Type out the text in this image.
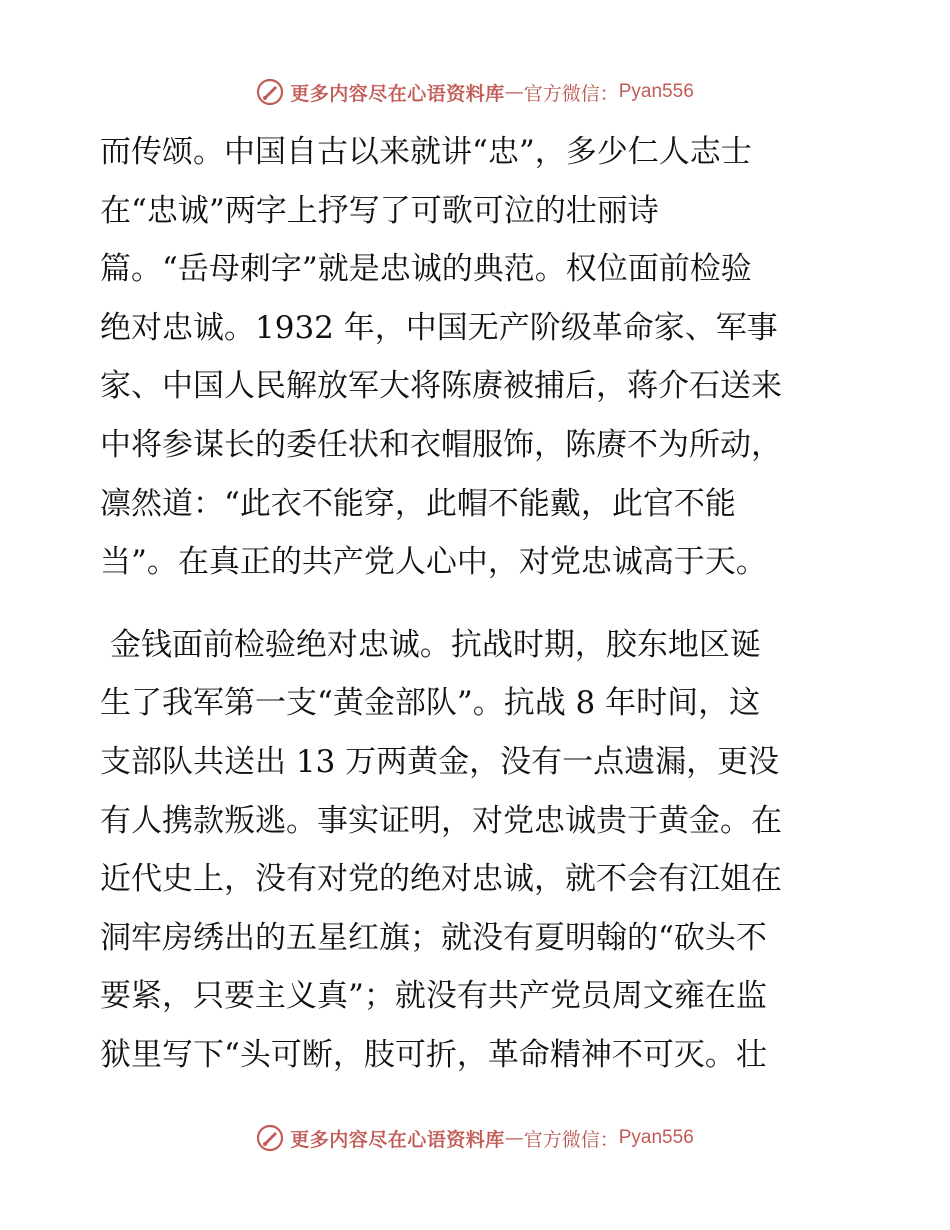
更多内容尽在心语资料库 — 官方微信： Pyan556
而传颂。中国自古以来就讲“忠”，多少仁人志士
在“忠诚”两字上抒写了可歌可泣的壮丽诗
篇。“岳母刺字”就是忠诚的典范。权位面前检验
绝对忠诚。1932 年，中国无产阶级革命家、军事
家、中国人民解放军大将陈赓被捕后，蒋介石送来
中将参谋长的委任状和衣帽服饰，陈赓不为所动，
凛然道：“此衣不能穿，此帽不能戴，此官不能
当”。在真正的共产党人心中，对党忠诚高于天。
金钱面前检验绝对忠诚。抗战时期，胶东地区诞
生了我军第一支“黄金部队”。抗战 8 年时间，这
支部队共送出 13 万两黄金，没有一点遗漏，更没
有人携款叛逃。事实证明，对党忠诚贵于黄金。在
近代史上，没有对党的绝对忠诚，就不会有江姐在
洞牢房绣出的五星红旗；就没有夏明翰的“砍头不
要紧，只要主义真”；就没有共产党员周文雍在监
狱里写下“头可断，肢可折，革命精神不可灭。壮
更多内容尽在心语资料库 — 官方微信： Pyan556
